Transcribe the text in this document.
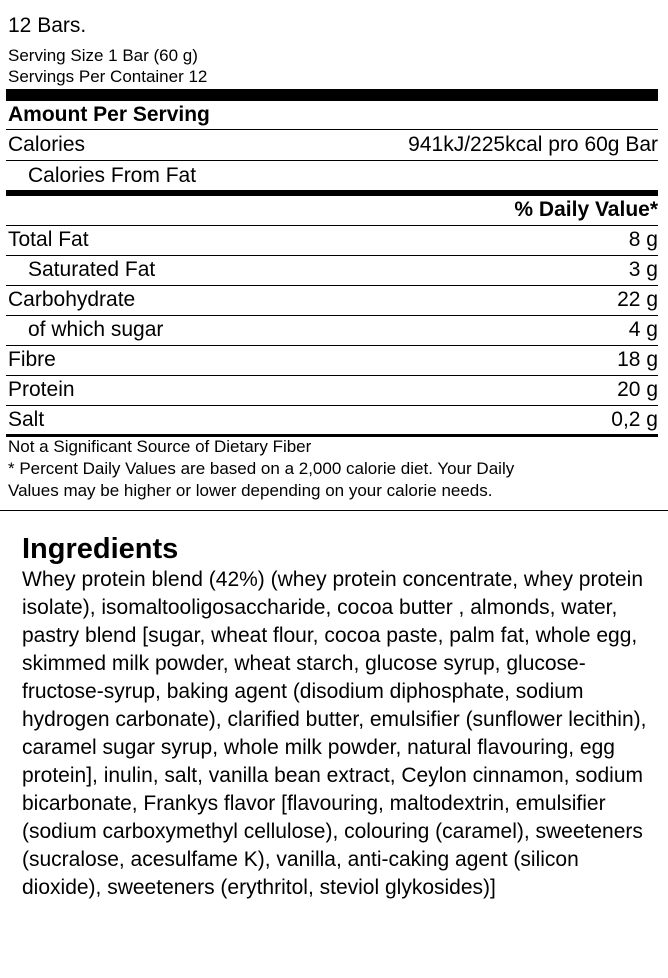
12 Bars.
Serving Size 1 Bar (60 g)
Servings Per Container 12
Amount Per Serving
Calories	941kJ/225kcal pro 60g Bar
Calories From Fat
% Daily Value*
Total Fat	8 g
Saturated Fat	3 g
Carbohydrate	22 g
of which sugar	4 g
Fibre	18 g
Protein	20 g
Salt	0,2 g
Not a Significant Source of Dietary Fiber
* Percent Daily Values are based on a 2,000 calorie diet. Your Daily
Values may be higher or lower depending on your calorie needs.
Ingredients

Whey protein blend (42%) (whey protein concentrate, whey protein isolate), isomaltooligosaccharide, cocoa butter , almonds, water, pastry blend [sugar, wheat flour, cocoa paste, palm fat, whole egg, skimmed milk powder, wheat starch, glucose syrup, glucose-fructose-syrup, baking agent (disodium diphosphate, sodium hydrogen carbonate), clarified butter, emulsifier (sunflower lecithin), caramel sugar syrup, whole milk powder, natural flavouring, egg protein], inulin, salt, vanilla bean extract, Ceylon cinnamon, sodium bicarbonate, Frankys flavor [flavouring, maltodextrin, emulsifier (sodium carboxymethyl cellulose), colouring (caramel), sweeteners (sucralose, acesulfame K), vanilla, anti-caking agent (silicon dioxide), sweeteners (erythritol, steviol glykosides)]
